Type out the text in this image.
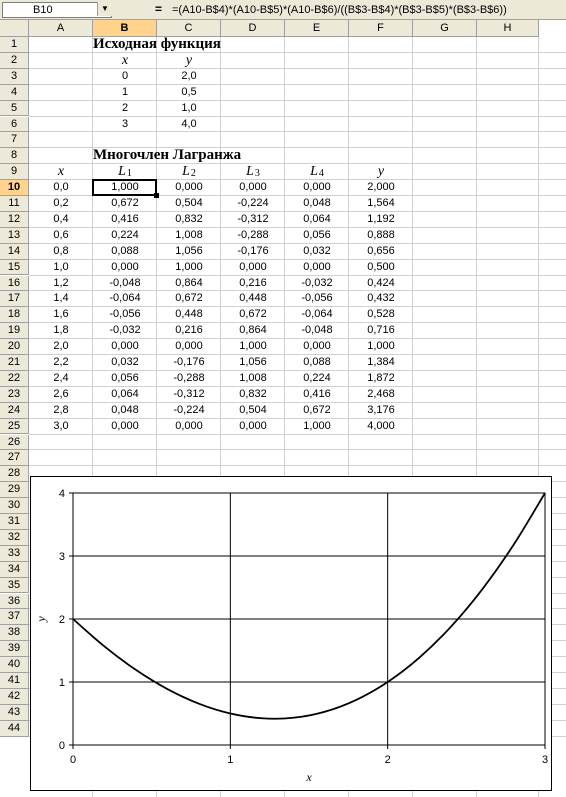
B10	▼	= =(A10-B$4)*(A10-B$5)*(A10-B$6)/((B$3-B$4)*(B$3-B$5)*(B$3-B$6))
A	B	C	D	E	F	G	H
1
2
3
4
5
6
7
8
9
10
11
12
13
14
15
16
17
18
19
20
21
22
23
24
25
26
27
28
29
30
31
32
33
34
35
36
37
38
39
40
41
42
43
44
Исходная функция
x	y
0	2,0
1	0,5
2	1,0
3	4,0
Многочлен Лагранжа
x	L1	L2	L3	L4	y
0,0	1,000	0,000	0,000	0,000	2,000
0,2	0,672	0,504	-0,224	0,048	1,564
0,4	0,416	0,832	-0,312	0,064	1,192
0,6	0,224	1,008	-0,288	0,056	0,888
0,8	0,088	1,056	-0,176	0,032	0,656
1,0	0,000	1,000	0,000	0,000	0,500
1,2	-0,048	0,864	0,216	-0,032	0,424
1,4	-0,064	0,672	0,448	-0,056	0,432
1,6	-0,056	0,448	0,672	-0,064	0,528
1,8	-0,032	0,216	0,864	-0,048	0,716
2,0	0,000	0,000	1,000	0,000	1,000
2,2	0,032	-0,176	1,056	0,088	1,384
2,4	0,056	-0,288	1,008	0,224	1,872
2,6	0,064	-0,312	0,832	0,416	2,468
2,8	0,048	-0,224	0,504	0,672	3,176
3,0	0,000	0,000	0,000	1,000	4,000
0	1	2	3
0
1
2
3
4
x
y
